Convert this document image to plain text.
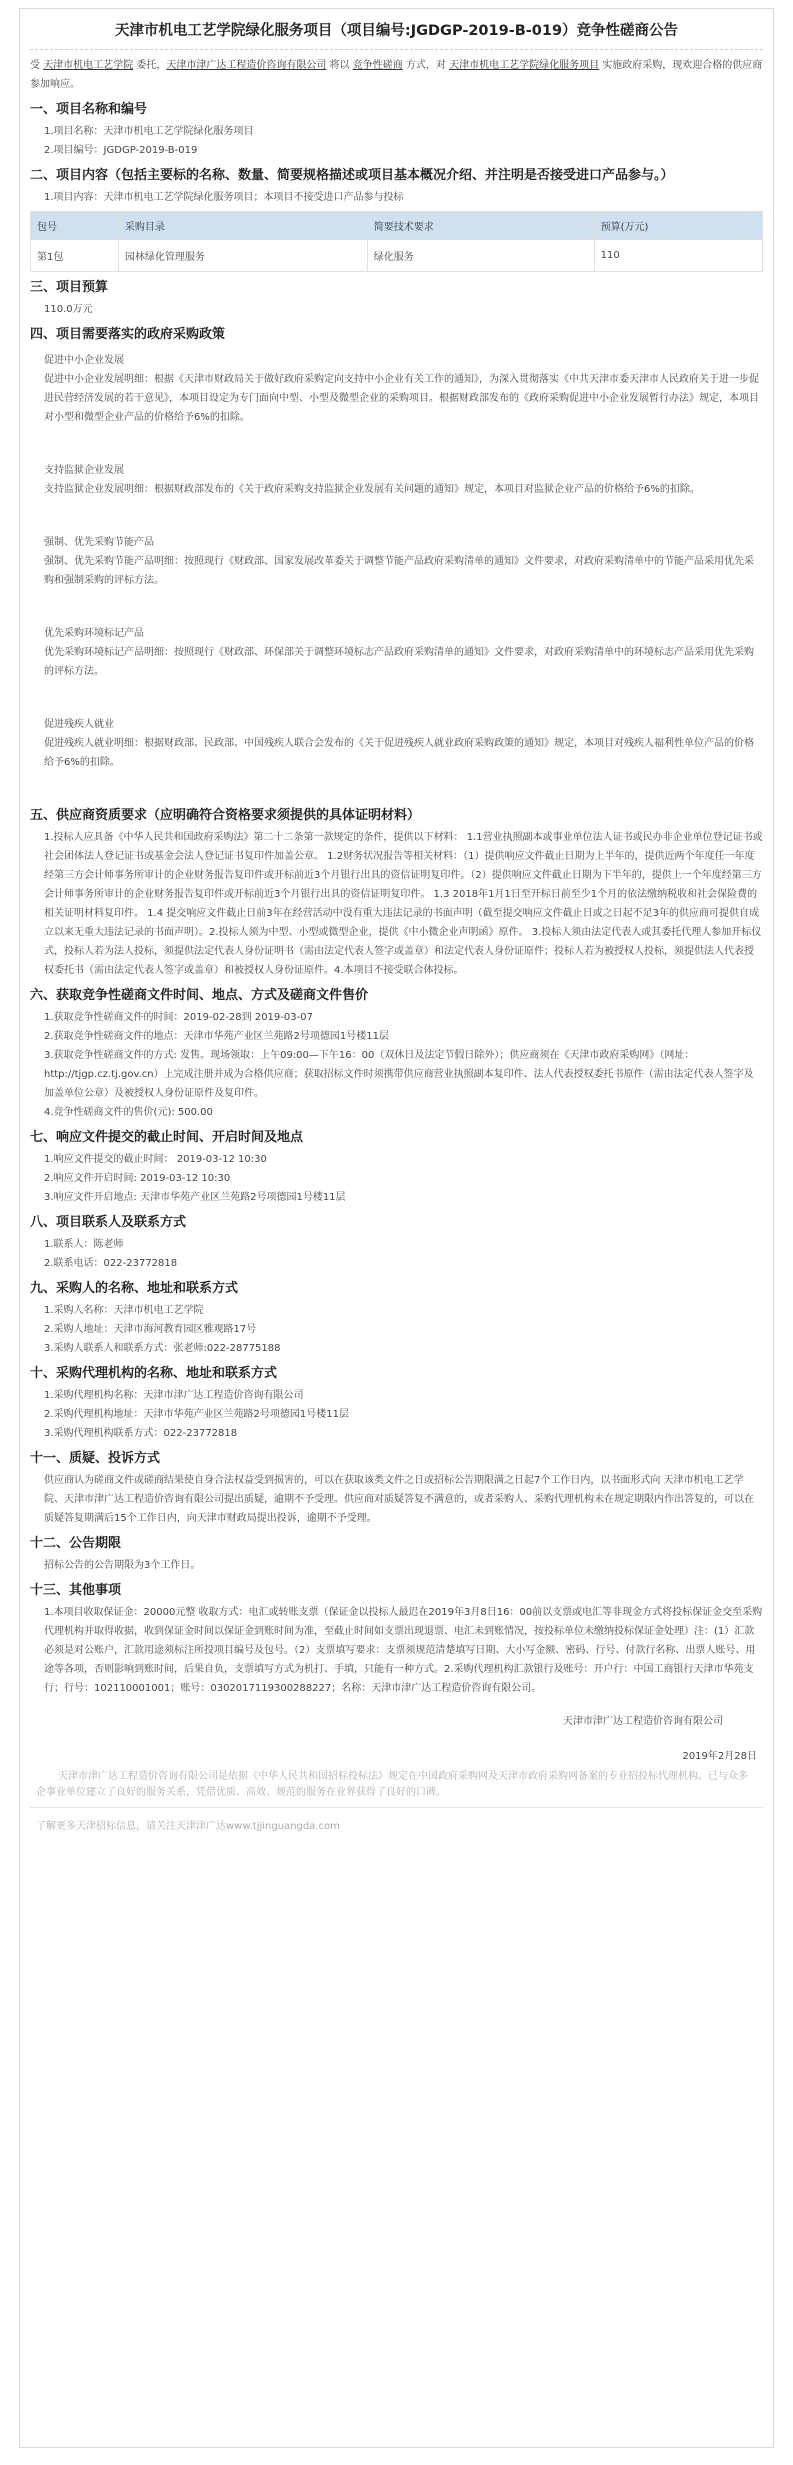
天津市机电工艺学院绿化服务项目（项目编号:JGDGP-2019-B-019）竞争性磋商公告

受 天津市机电工艺学院 委托，天津市津广达工程造价咨询有限公司 将以 竞争性磋商 方式，对 天津市机电工艺学院绿化服务项目 实施政府采购，现欢迎合格的供应商参加响应。

一、项目名称和编号

1.项目名称：天津市机电工艺学院绿化服务项目

2.项目编号：JGDGP-2019-B-019

二、项目内容（包括主要标的名称、数量、简要规格描述或项目基本概况介绍、并注明是否接受进口产品参与。）

1.项目内容：天津市机电工艺学院绿化服务项目；本项目不接受进口产品参与投标

包号	采购目录	简要技术要求	预算(万元)
第1包	园林绿化管理服务	绿化服务	110
三、项目预算

110.0万元

四、项目需要落实的政府采购政策

促进中小企业发展

促进中小企业发展明细：根据《天津市财政局关于做好政府采购定向支持中小企业有关工作的通知》，为深入贯彻落实《中共天津市委天津市人民政府关于进一步促进民营经济发展的若干意见》，本项目设定为专门面向中型、小型及微型企业的采购项目。根据财政部发布的《政府采购促进中小企业发展暂行办法》规定，本项目对小型和微型企业产品的价格给予6%的扣除。

支持监狱企业发展

支持监狱企业发展明细：根据财政部发布的《关于政府采购支持监狱企业发展有关问题的通知》规定，本项目对监狱企业产品的价格给予6%的扣除。

强制、优先采购节能产品

强制、优先采购节能产品明细：按照现行《财政部、国家发展改革委关于调整节能产品政府采购清单的通知》文件要求，对政府采购清单中的节能产品采用优先采购和强制采购的评标方法。

优先采购环境标记产品

优先采购环境标记产品明细：按照现行《财政部、环保部关于调整环境标志产品政府采购清单的通知》文件要求，对政府采购清单中的环境标志产品采用优先采购的评标方法。

促进残疾人就业

促进残疾人就业明细：根据财政部、民政部、中国残疾人联合会发布的《关于促进残疾人就业政府采购政策的通知》规定，本项目对残疾人福利性单位产品的价格给予6%的扣除。

五、供应商资质要求（应明确符合资格要求须提供的具体证明材料）

1.投标人应具备《中华人民共和国政府采购法》第二十二条第一款规定的条件，提供以下材料： 1.1营业执照副本或事业单位法人证书或民办非企业单位登记证书或社会团体法人登记证书或基金会法人登记证书复印件加盖公章。 1.2财务状况报告等相关材料：（1）提供响应文件截止日期为上半年的，提供近两个年度任一年度经第三方会计师事务所审计的企业财务报告复印件或开标前近3个月银行出具的资信证明复印件。（2）提供响应文件截止日期为下半年的，提供上一个年度经第三方会计师事务所审计的企业财务报告复印件或开标前近3个月银行出具的资信证明复印件。 1.3 2018年1月1日至开标日前至少1个月的依法缴纳税收和社会保险费的相关证明材料复印件。 1.4 提交响应文件截止日前3年在经营活动中没有重大违法记录的书面声明（截至提交响应文件截止日或之日起不足3年的供应商可提供自成立以来无重大违法记录的书面声明）。2.投标人须为中型、小型或微型企业，提供《中小微企业声明函》原件。 3.投标人须由法定代表人或其委托代理人参加开标仪式，投标人若为法人投标，须提供法定代表人身份证明书（需由法定代表人签字或盖章）和法定代表人身份证原件；投标人若为被授权人投标，须提供法人代表授权委托书（需由法定代表人签字或盖章）和被授权人身份证原件。4.本项目不接受联合体投标。

六、获取竞争性磋商文件时间、地点、方式及磋商文件售价

1.获取竞争性磋商文件的时间：2019-02-28到 2019-03-07

2.获取竞争性磋商文件的地点：天津市华苑产业区兰苑路2号项德园1号楼11层

3.获取竞争性磋商文件的方式: 发售。现场领取：上午09:00—下午16：00（双休日及法定节假日除外）；供应商须在《天津市政府采购网》（网址：http://tjgp.cz.tj.gov.cn）上完成注册并成为合格供应商；获取招标文件时须携带供应商营业执照副本复印件、法人代表授权委托书原件（需由法定代表人签字及加盖单位公章）及被授权人身份证原件及复印件。

4.竞争性磋商文件的售价(元): 500.00

七、响应文件提交的截止时间、开启时间及地点

1.响应文件提交的截止时间： 2019-03-12 10:30

2.响应文件开启时间: 2019-03-12 10:30

3.响应文件开启地点: 天津市华苑产业区兰苑路2号项德园1号楼11层

八、项目联系人及联系方式

1.联系人：陈老师

2.联系电话：022-23772818

九、采购人的名称、地址和联系方式

1.采购人名称：天津市机电工艺学院

2.采购人地址：天津市海河教育园区雅观路17号

3.采购人联系人和联系方式：张老师:022-28775188

十、采购代理机构的名称、地址和联系方式

1.采购代理机构名称：天津市津广达工程造价咨询有限公司

2.采购代理机构地址：天津市华苑产业区兰苑路2号项德园1号楼11层

3.采购代理机构联系方式：022-23772818

十一、质疑、投诉方式

供应商认为磋商文件或磋商结果使自身合法权益受到损害的，可以在获取该类文件之日或招标公告期限满之日起7个工作日内，以书面形式向 天津市机电工艺学院、天津市津广达工程造价咨询有限公司提出质疑，逾期不予受理。供应商对质疑答复不满意的，或者采购人、采购代理机构未在规定期限内作出答复的，可以在质疑答复期满后15个工作日内，向天津市财政局提出投诉，逾期不予受理。

十二、公告期限

招标公告的公告期限为3个工作日。

十三、其他事项

1.本项目收取保证金：20000元整 收取方式：电汇或转账支票（保证金以投标人最迟在2019年3月8日16：00前以支票或电汇等非现金方式将投标保证金交至采购代理机构并取得收据，收到保证金时间以保证金到账时间为准，至截止时间如支票出现退票、电汇未到账情况，按投标单位未缴纳投标保证金处理）注：(1）汇款必须是对公账户，汇款用途须标注所投项目编号及包号。（2）支票填写要求：支票须规范清楚填写日期、大小写金额、密码、行号、付款行名称、出票人账号、用途等各项，否则影响到账时间，后果自负，支票填写方式为机打、手填，只能有一种方式。2.采购代理机构汇款银行及账号：开户行：中国工商银行天津市华苑支行；行号：102110001001；账号：0302017119300288227；名称：天津市津广达工程造价咨询有限公司。

天津市津广达工程造价咨询有限公司
2019年2月28日
天津市津广达工程造价咨询有限公司是依据《中华人民共和国招标投标法》规定在中国政府采购网及天津市政府采购网备案的专业招投标代理机构。已与众多企事业单位建立了良好的服务关系，凭借优质、高效、规范的服务在业界获得了良好的口碑。
了解更多天津招标信息，请关注天津津广达www.tjjinguangda.com
